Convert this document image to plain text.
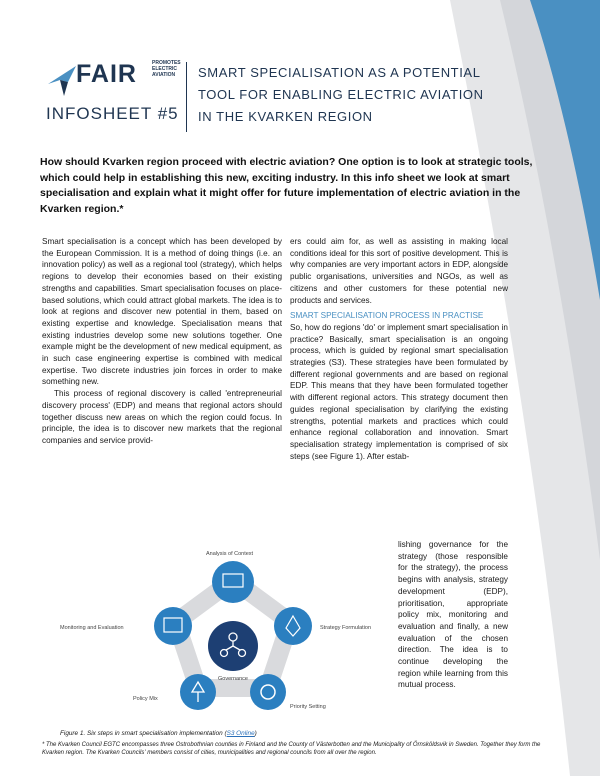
FAIR	PROMOTES ELECTRIC AVIATION
INFOSHEET #5
SMART SPECIALISATION AS A POTENTIAL
TOOL FOR ENABLING ELECTRIC AVIATION
IN THE KVARKEN REGION
How should Kvarken region proceed with electric aviation? One option is to look at strategic tools, which could help in establishing this new, exciting industry. In this info sheet we look at smart specialisation and explain what it might offer for future implementation of electric aviation in the Kvarken region.*

Smart specialisation is a concept which has been developed by the European Commission. It is a method of doing things (i.e. an innovation policy) as well as a regional tool (strategy), which helps regions to develop their economies based on their existing strengths and capabilities. Smart specialisation focuses on place-based solutions, which could attract global markets. The idea is to look at regions and discover new potential in them, based on existing expertise and knowledge. Specialisation means that existing industries develop some new solutions together. One example might be the development of new medical equipment, as in such case engineering expertise is combined with medical expertise. Two discrete industries join forces in order to make something new.

This process of regional discovery is called 'entrepreneurial discovery process' (EDP) and means that regional actors should together discuss new areas on which the region could focus. In principle, the idea is to discover new markets that the regional companies and service provid-

ers could aim for, as well as assisting in making local conditions ideal for this sort of positive development. This is why companies are very important actors in EDP, alongside public organisations, universities and NGOs, as well as citizens and other customers for these potential new products and services.

SMART SPECIALISATION PROCESS IN PRACTISE

So, how do regions 'do' or implement smart specialisation in practice? Basically, smart specialisation is an ongoing process, which is guided by regional smart specialisation strategies (S3). These strategies have been formulated by different regional governments and are based on regional EDP. This means that they have been formulated together with different regional actors. This strategy document then guides regional specialisation by clarifying the existing strengths, potential markets and practices which could enhance regional collaboration and innovation. Smart specialisation strategy implementation is comprised of six steps (see Figure 1). After estab-

lishing governance for the strategy (those responsible for the strategy), the process begins with analysis, strategy development (EDP), prioritisation, appropriate policy mix, monitoring and evaluation and finally, a new evaluation of the chosen direction. The idea is to continue developing the region while learning from this mutual process.
Analysis of Context
Strategy Formulation
Priority Setting
Policy Mix
Monitoring and Evaluation
Governance
Figure 1. Six steps in smart specialisation implementation (S3 Online)
* The Kvarken Council EGTC encompasses three Ostrobothnian counties in Finland and the County of Västerbotten and the Municipality of Örnsköldsvik in Sweden. Together they form the Kvarken region. The Kvarken Councils' members consist of cities, municipalities and regional councils from all over the region.
